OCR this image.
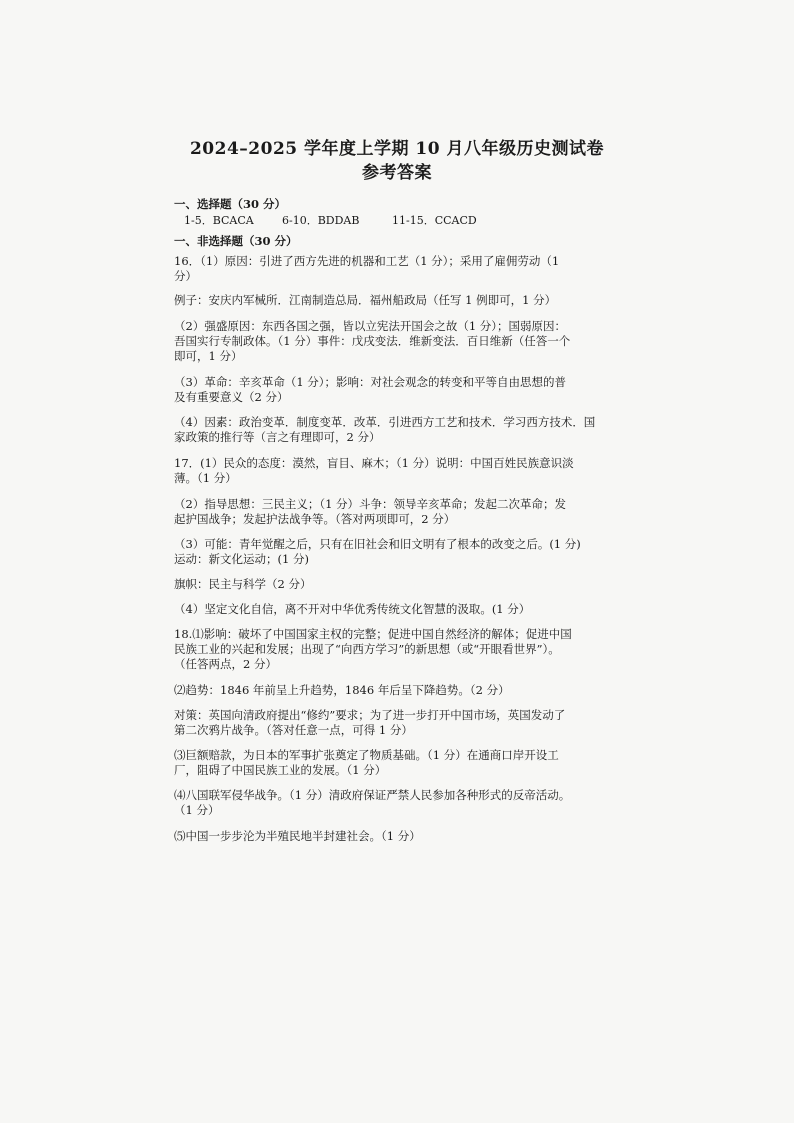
2024–2025 学年度上学期 10 月八年级历史测试卷
参考答案
一、选择题（30 分）
1-5．BCACA	6-10．BDDAB	11-15．CCACD
一、非选择题（30 分）
16．（1）原因：引进了西方先进的机器和工艺（1 分）；采用了雇佣劳动（1
分）
例子：安庆内军械所．江南制造总局．福州船政局（任写 1 例即可，1 分）
（2）强盛原因：东西各国之强，皆以立宪法开国会之故（1 分）；国弱原因：
吾国实行专制政体。（1 分）事件：戊戌变法．维新变法．百日维新（任答一个
即可，1 分）
（3）革命：辛亥革命（1 分）；影响：对社会观念的转变和平等自由思想的普
及有重要意义（2 分）
（4）因素：政治变革．制度变革．改革．引进西方工艺和技术．学习西方技术．国
家政策的推行等（言之有理即可，2 分）
17．(1）民众的态度：漠然，盲目、麻木；（1 分）说明：中国百姓民族意识淡
薄。（1 分）
（2）指导思想：三民主义；（1 分）斗争：领导辛亥革命；发起二次革命；发
起护国战争；发起护法战争等。（答对两项即可，2 分）
（3）可能：青年觉醒之后，只有在旧社会和旧文明有了根本的改变之后。(1 分)
运动：新文化运动；(1 分)
旗帜：民主与科学（2 分）
（4）坚定文化自信，离不开对中华优秀传统文化智慧的汲取。(1 分）
18.⑴影响：破坏了中国国家主权的完整；促进中国自然经济的解体；促进中国
民族工业的兴起和发展；出现了“向西方学习”的新思想（或“开眼看世界”）。
（任答两点，2 分）
⑵趋势：1846 年前呈上升趋势，1846 年后呈下降趋势。（2 分）
对策：英国向清政府提出“修约”要求；为了进一步打开中国市场，英国发动了
第二次鸦片战争。（答对任意一点，可得 1 分）
⑶巨额赔款，为日本的军事扩张奠定了物质基础。（1 分）在通商口岸开设工
厂，阻碍了中国民族工业的发展。（1 分）
⑷八国联军侵华战争。（1 分）清政府保证严禁人民参加各种形式的反帝活动。
（1 分）
⑸中国一步步沦为半殖民地半封建社会。（1 分）
